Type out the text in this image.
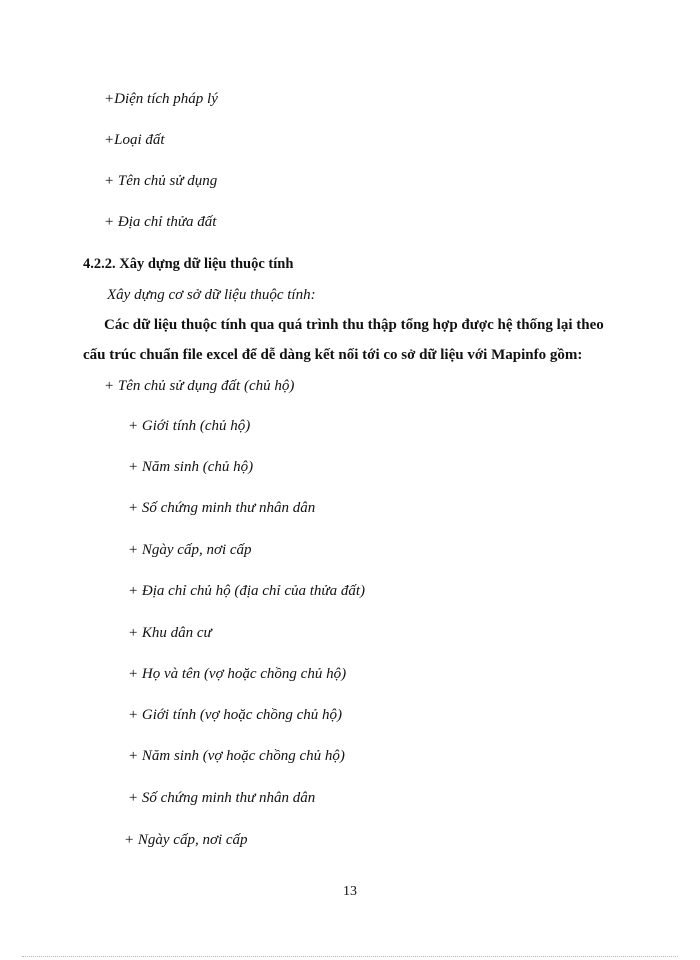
+Diện tích pháp lý
+Loại đất
+ Tên chủ sử dụng
+ Địa chỉ thửa đất
4.2.2. Xây dựng dữ liệu thuộc tính
Xây dựng cơ sở dữ liệu thuộc tính:
Các dữ liệu thuộc tính qua quá trình thu thập tổng hợp được hệ thống lại theo
cấu trúc chuẩn file excel để dễ dàng kết nối tới co sở dữ liệu với Mapinfo gồm:
+ Tên chủ sử dụng đất (chủ hộ)
+ Giới tính (chủ hộ)
+ Năm sinh (chủ hộ)
+ Số chứng minh thư nhân dân
+ Ngày cấp, nơi cấp
+ Địa chỉ chủ hộ (địa chỉ của thửa đất)
+ Khu dân cư
+ Họ và tên (vợ hoặc chồng chủ hộ)
+ Giới tính (vợ hoặc chồng chủ hộ)
+ Năm sinh (vợ hoặc chồng chủ hộ)
+ Số chứng minh thư nhân dân
+ Ngày cấp, nơi cấp
13
